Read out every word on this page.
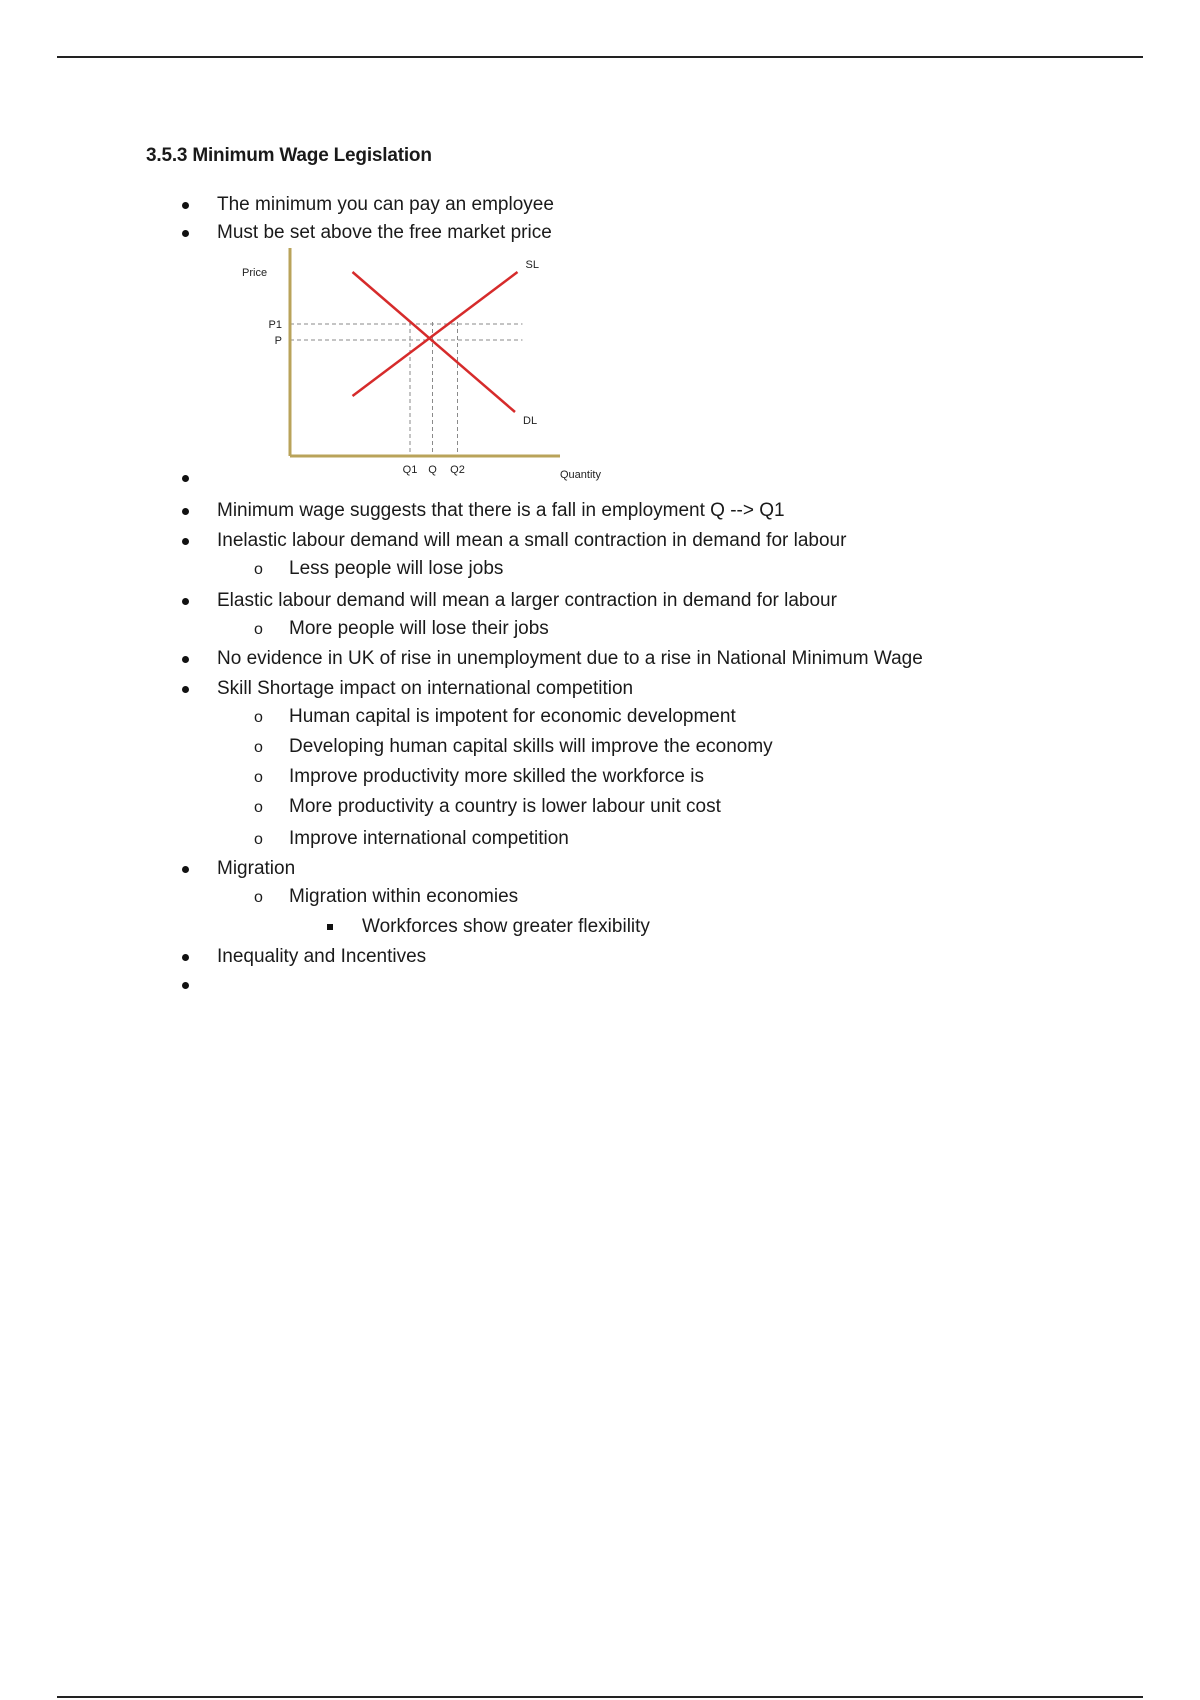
3.5.3 Minimum Wage Legislation
The minimum you can pay an employee
Must be set above the free market price
Minimum wage suggests that there is a fall in employment Q --> Q1
Inelastic labour demand will mean a small contraction in demand for labour
o Less people will lose jobs
Elastic labour demand will mean a larger contraction in demand for labour
o More people will lose their jobs
No evidence in UK of rise in unemployment due to a rise in National Minimum Wage
Skill Shortage impact on international competition
o Human capital is impotent for economic development
o Developing human capital skills will improve the economy
o Improve productivity more skilled the workforce is
o More productivity a country is lower labour unit cost
o Improve international competition
Migration
o Migration within economies
Workforces show greater flexibility
Inequality and Incentives
P1
P
Q1 Q Q2
SL
DL
Price
Quantity
